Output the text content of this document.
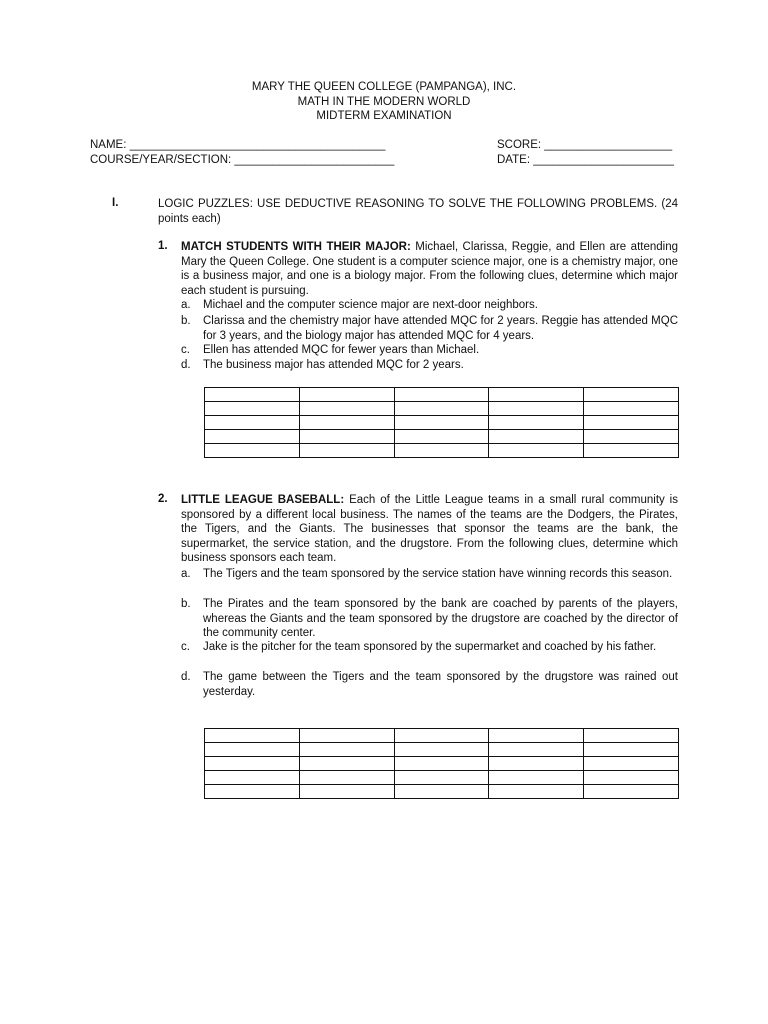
MARY THE QUEEN COLLEGE (PAMPANGA), INC.
MATH IN THE MODERN WORLD
MIDTERM EXAMINATION
NAME: ________________________________________
COURSE/YEAR/SECTION: _________________________
SCORE: ____________________
DATE: ______________________
I.	LOGIC PUZZLES: USE DEDUCTIVE REASONING TO SOLVE THE FOLLOWING PROBLEMS. (24 points each)
1. MATCH STUDENTS WITH THEIR MAJOR: Michael, Clarissa, Reggie, and Ellen are attending Mary the Queen College. One student is a computer science major, one is a chemistry major, one is a business major, and one is a biology major. From the following clues, determine which major each student is pursuing.
a.	Michael and the computer science major are next-door neighbors.
b.	Clarissa and the chemistry major have attended MQC for 2 years. Reggie has attended MQC for 3 years, and the biology major has attended MQC for 4 years.
c.	Ellen has attended MQC for fewer years than Michael.
d.	The business major has attended MQC for 2 years.

2. LITTLE LEAGUE BASEBALL: Each of the Little League teams in a small rural community is sponsored by a different local business. The names of the teams are the Dodgers, the Pirates, the Tigers, and the Giants. The businesses that sponsor the teams are the bank, the supermarket, the service station, and the drugstore. From the following clues, determine which business sponsors each team.
a.	The Tigers and the team sponsored by the service station have winning records this season.
b.	The Pirates and the team sponsored by the bank are coached by parents of the players, whereas the Giants and the team sponsored by the drugstore are coached by the director of the community center.
c.	Jake is the pitcher for the team sponsored by the supermarket and coached by his father.
d.	The game between the Tigers and the team sponsored by the drugstore was rained out yesterday.
